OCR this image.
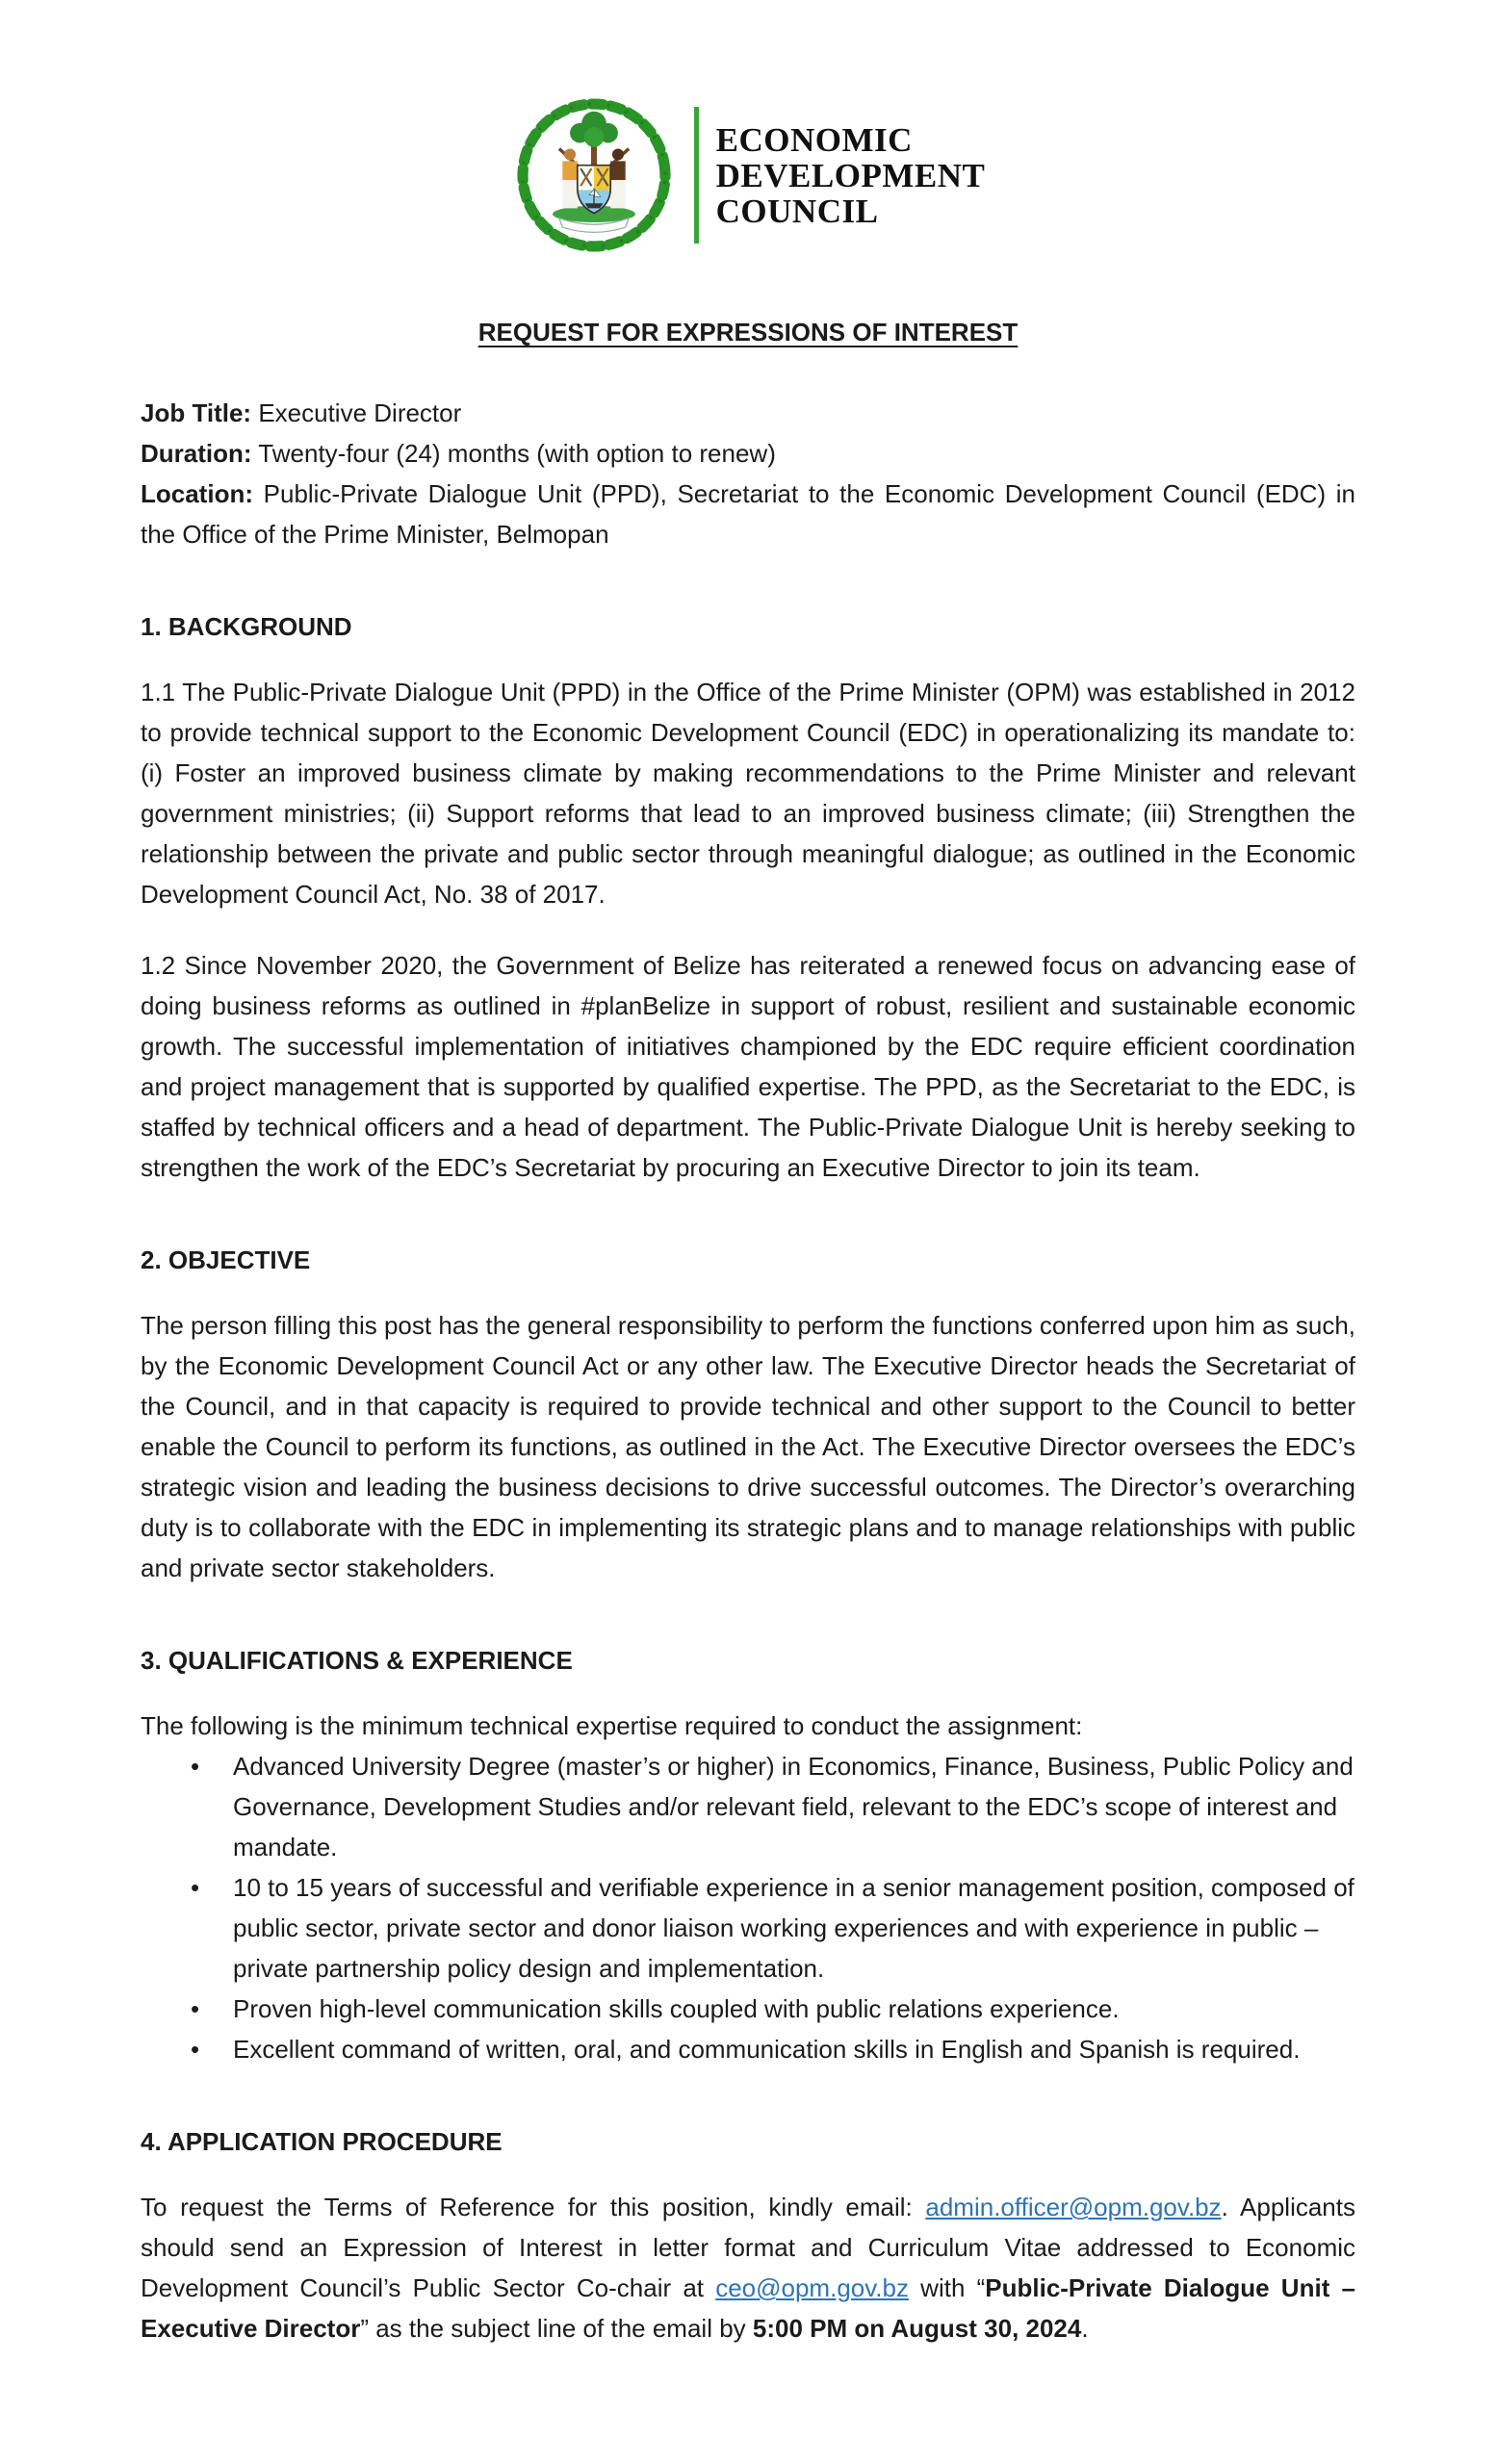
ECONOMIC
DEVELOPMENT
COUNCIL
REQUEST FOR EXPRESSIONS OF INTEREST
Job Title: Executive Director
Duration: Twenty-four (24) months (with option to renew)
Location: Public-Private Dialogue Unit (PPD), Secretariat to the Economic Development Council (EDC) in the Office of the Prime Minister, Belmopan
1. BACKGROUND
1.1 The Public-Private Dialogue Unit (PPD) in the Office of the Prime Minister (OPM) was established in 2012 to provide technical support to the Economic Development Council (EDC) in operationalizing its mandate to: (i) Foster an improved business climate by making recommendations to the Prime Minister and relevant government ministries; (ii) Support reforms that lead to an improved business climate; (iii) Strengthen the relationship between the private and public sector through meaningful dialogue; as outlined in the Economic Development Council Act, No. 38 of 2017.
1.2 Since November 2020, the Government of Belize has reiterated a renewed focus on advancing ease of doing business reforms as outlined in #planBelize in support of robust, resilient and sustainable economic growth. The successful implementation of initiatives championed by the EDC require efficient coordination and project management that is supported by qualified expertise. The PPD, as the Secretariat to the EDC, is staffed by technical officers and a head of department. The Public-Private Dialogue Unit is hereby seeking to strengthen the work of the EDC’s Secretariat by procuring an Executive Director to join its team.
2. OBJECTIVE
The person filling this post has the general responsibility to perform the functions conferred upon him as such, by the Economic Development Council Act or any other law. The Executive Director heads the Secretariat of the Council, and in that capacity is required to provide technical and other support to the Council to better enable the Council to perform its functions, as outlined in the Act. The Executive Director oversees the EDC’s strategic vision and leading the business decisions to drive successful outcomes. The Director’s overarching duty is to collaborate with the EDC in implementing its strategic plans and to manage relationships with public and private sector stakeholders.
3. QUALIFICATIONS & EXPERIENCE
The following is the minimum technical expertise required to conduct the assignment:
• Advanced University Degree (master’s or higher) in Economics, Finance, Business, Public Policy and Governance, Development Studies and/or relevant field, relevant to the EDC’s scope of interest and mandate.
• 10 to 15 years of successful and verifiable experience in a senior management position, composed of public sector, private sector and donor liaison working experiences and with experience in public – private partnership policy design and implementation.
• Proven high-level communication skills coupled with public relations experience.
• Excellent command of written, oral, and communication skills in English and Spanish is required.
4. APPLICATION PROCEDURE
To request the Terms of Reference for this position, kindly email: admin.officer@opm.gov.bz. Applicants should send an Expression of Interest in letter format and Curriculum Vitae addressed to Economic Development Council’s Public Sector Co-chair at ceo@opm.gov.bz with “Public-Private Dialogue Unit – Executive Director” as the subject line of the email by 5:00 PM on August 30, 2024.
